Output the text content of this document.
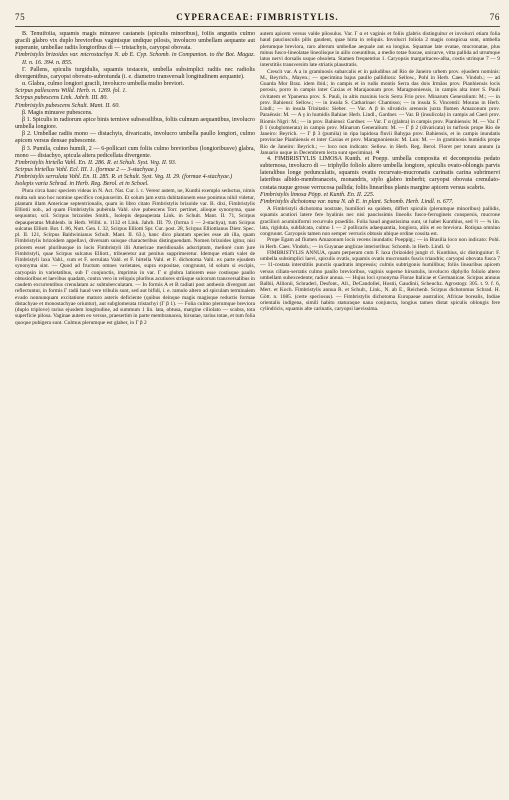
75	CYPERACEAE: FIMBRISTYLIS.	76

B. Tenuifolia, squamis magis minusve castaneis (spiculis minoribus), foliis angustis culmo gracili glabro vix duplo brevioribus vaginisque undique pilosis, involucro umbellam aequante aut superante, umbellae radiis longioribus di — tristachyis, caryopsi obovata.

Fimbristylis brizoides var. microstachya N. ab E. Cyp. Schomb. in Companion. to the Bot. Magaz. II. n. 16. 394. n. 855.

Γ. Pallens, spiculis turgidulis, squamis testaceis, umbella subsimplici radiis nec radiolis divergentibus, caryopsi obovato-subrotunda (i. e. diametro transversali longitudinem aequante).

α. Glabra, culmo longiori gracili, involucro umbella multo breviori.

Scirpus pallescens Willd. Herb. n. 1269. fol. 1.

Scirpus pubescens Link. Jahrb. III. 80.

Fimbristylis pubescens Schult. Mant. II. 60.

β. Magis minusve pubescens.

β 1. Spiculis in radiorum apice binis ternisve subsessilibus, foliis culmum aequantibus, involucro umbella longiore.

β 2. Umbellae radiis mono — distachyis, divaricatis, involucro umbella paullo longiori, culmo apicem versus densae pubescente.

β 3. Pumila, culmo humili, 2 — 6-pollicari cum foliis culmo brevioribus (longioribusve) glabra, mono — distachyo, spicula altera pedicellata divergente.

Fimbristylis hirtella Vahl. En. II. 286. R. et Schult. Syst. Veg. II. 93.

Scirpus hirtellus Vahl. Ecl. III. 1. (formae 2 — 3-stachyae.)

Fimbristylis serrulata Vahl. En. II. 285. R. et Schult. Syst. Veg. II. 29. (formae 4-stachyae.)

Isolepis varia Schrad. in Herb. Reg. Berol. et in Schoel.

Plura circa hanc speciem videas in N. Act. Nat. Cur. l. c. Vereor autem, ne, Kunthi exemplo seductus, nimis multa sub uno hoc nomine specifico conjunxerim. Et solum jam extra dubitationem esse ponimus nihil videtur, plantam illam Americae septentrionalis, quam in libro citato Fimbristylis brizoide var. B. dixi, Fimbristylis Elliotii nob., ad quam Fimbristylis pubérula Vahl. sive pubescens Torr. pertinet, alioque synonyma, quae sequuntur, scil. Scirpus brizoides Smith., Isolepis depauperata Link. in Schult. Mant. II. 71, Scirpus depauperatus Muhlenb. in Herb. Willd. n. 1132 et Link. Jahrb. III. 79. (forma 1 — 2-stachya), tum Scirpus sulcatus Elliott. Bot. I. 86, Nutt. Gen. I. 32, Scirpus Elliotti Spr. Cur. post. 28, Scirpus Elliottianus Dietr. Spec. pl. II. 121, Scirpus Baldwinianus Schult. Mant. II. 63.), hanc dico plantam species esse ab illa, quam Fimbristylis brizoidem appellavi, diversam suisque characteribus distinguendam. Nomen brizoides igitur, nisi priorem esset pluribusque in locis Fimbristyli illi Americae meridionalis adscriptum, melioré cum jure Fimbristyli, quae Scirpus sulcatus Elliott., tribueretur aut penitus supprimeretur. Idemque etiam valet de Fimbristyli laxa Vahl., cum et F. serrulata Vahl. et F. hirtella Vahl. et F. dichotoma Vahl. ex parte ejusdem synonyma sint. — Quod ad fructum omnes varietates, supra expositae, congruunt, id solum si excipis, caryopsin in varietatibus, sub Γ conjunctis, imprimis in var. Γ α globra latiorem esse costisque paullo obtusioribus et laevibus quadam, contra vero in reliquis pluribus acutiores striisque sulcorum transversalibus in caudem excurrentibus crenulatam ac subtuberculatam. — In formis A et B radiati post anthesin divergunt aut reflectuntur, in formis Γ radii haud vere tribulis sunt, sed aut bifidi, i. e. ramulo altero ad spiculam terminalem evado nonnunquam excitatione maturo asteris deficiente (quibus deinque magis magisque reductis formae distachyae et monostachyae oriuntur), aut subglomerata tristachyi (Γ β 1). — Folia culmo plerumque breviora (duplo triplove) rarius ejusdem longitudine, ad summum 1 lin. lata, obtusa, margine ciliolato — scabra, tota superficie pilosa. Vaginae autem eo versus, praesertim in parte membranacea, hirsutae, rarius totae, et tum folia quoque pubigera sunt. Culmus plerumque est glaber, in Γ β 2

autem apicem versus valde pilosulus. Var. Γ α et vaginis et foliis glabris distinguitur et involucri etiam folia haud pauciusculis pilis gaudent, quae hirta in reliquis. Involucri foliola 2 magis conspicua sunt, umbella plerumque breviora, raro alterum umbellae aequale aut ea longius. Squamae late ovatae, mucronatae, plus minus fusco-lineolatae lineolisque in aillo coeuntibus, a medio totae fuscae, unicarve, vitta pallida ad utrumque latus nervi dorsalis usque obsoleta. Stamen frequentius 1. Caryopsis margaritaceo-alba, costis utrinque 7 — 9 interstitiis transversim late striatis plaustratis.

Crescit var. A a in graminosis subarcalis et in paludibus ad Rio de Janeiro urbem prov. ejusdem nominis: M., Beyrich., Mayen.; — specimina bajus paullo pallidiora: Sellow., Pohl in Herb. Caes. Vindob.; — ad Guarda Mor Braz. idem ibid.; in campis et in rudis montis Serra das dois Irmãos prov. Pianhiensis locis porosis, porro in campis inter Caxias et Marajaonam prov. Maragnoniensis, in campis alta inter S. Pauli civitatem et Ypanema prov. S. Pauli, in altis maxinis locis Serra Frio prov. Minarum Generalium: M.; — in prov. Bahiensi: Sellow.; — in insula S. Catharinae: Chamisso; — in insula S. Vincentii: Mouras in Herb. Lindl.; — in insula Trinitatis: Sieber. — Var. A β in silvaticis arenosis juxta flumen Amazonum prov. Paraënsis: M. — A γ in humidis Bahiae: Herb. Lindl., Gardner. — Var. B (insulicola) in campis ad Caeri prov. Riomis Nigri: M.; — in prov. Bahiensi: Gardner. — Var. Γ α (glabra) in campis prov. Pianhiensis: M. — Var. Γ β 1 (subglomerata) in campis prov. Minarum Generalium: M. — Γ β 2 (divaricata) in turfosis prope Rio de Janeiro: Beyrich. — Γ β 3 (pumila) in ripa lapidosa fluvii Bahypa prov. Bahiensis, et in campis inundatis provinciae Pianhiensis et inter Caxias et prov. Maragnoniensis: M. Lun: M. — in graminosis humidis prope Rio de Janeiro: Beyrich.; — loco non indicato: Sellow. in Herb. Reg. Berol. Floret per totum annum (a Januario usque in Decembrem lecta sunt specimina). ♃

4. FIMBRISTYLIS LIMOSA Kunth. et Poepp. umbella composita et decomposita pedato subternosa, involucro di — triphyllo foliolo altero umbella longiore, spiculis ovato-oblongis parvis lateralibus longe pedunculatis, squamis ovatis recurvato-mucronatis carinatis carina subrimervi lateribus albido-membranaceis, monandris, stylo glabro imberbi; caryopsi obovata crenulato-costata nuque grosse verrucosa pallida; foliis linearibus planis margine apicem versus scabris.

Fimbristylis limosa Pöpp. et Kunth. En. II. 225.

Fimbristylis dichotoma var. nana N. ab E. in plant. Schomb. Herb. Lindl. n. 677.

A Fimbristyli dichotoma nostrate, humiliori ea quidem, differt spiculis (plerumque minoribus) pallidis, squamis acutiori latere fere hyalinis nec nisi paucissimis lineolis fusco-ferrugineis conspersis, mucrone graciliori acuminiformi recurvulo praedilis. Folia haud angustissima sunt, ut habet Kunthius, sed ½ — ¾ lin. lata, rigidula, subfalcata, culmo 1 — 2 pollicaris adaequantia, longiora, aliis et eo breviora. Rotiqua omnino congruunt. Caryopsis tamen non semper verrucis obtusis ubique ordine cossita est.

Prope Egam ad flumen Amazonum locis recens inundatis: Poeppig.; — in Brasilia loco non indicato: Pohl. in Herb. Caes. Vindob.; — in Guyanae anglicae interioribus: Schomb. in Herb. Lindl. ⊙

FIMBRISTYLIS ANNUA, quam perperam cum F. laxa (brizoide) jungit cl. Kunthius, sic distinguitur: F. umbella subsimplici laevi, spiculis ovatis, squamis ovatis mucronatis fuscis triandris; caryopsi obovata fusca 7 — 11-costata interstitiis punctis quadratis impressis; culmis subtrigonis humilibus; foliis linearibus apicem versus ciliato-serratis culmo paullo brevioribus, vaginis superne hirsutulis, involucro diphyllo foliolo altero umbellam subexcedente; radice annua. — Hujus loci synonyma Florae Italicae et Germanicae. Scirpus annuus Balbii, Allionii, Schraderi, Desfont., All., DeCandollei, Hostii, Gaudinii, Scheuchz. Agrostogr. 305. t. 9. f. 6, Mert. et Koch. Fimbristylis annua R. et Schult., Link., N. ab E., Reichenb. Scirpus dichotomus Schrad. H. Gött. n. 1685. (certe speciosus). — Fimbristylis dichotoma Europaeae australior, Africae borealis, Indiae orientalis indigena, simili habitu staturaque nana conjuncta, longius tamen distat spiculis oblongis fere cylindricis, squamis alte carinatis, caryopsi laevissima.
